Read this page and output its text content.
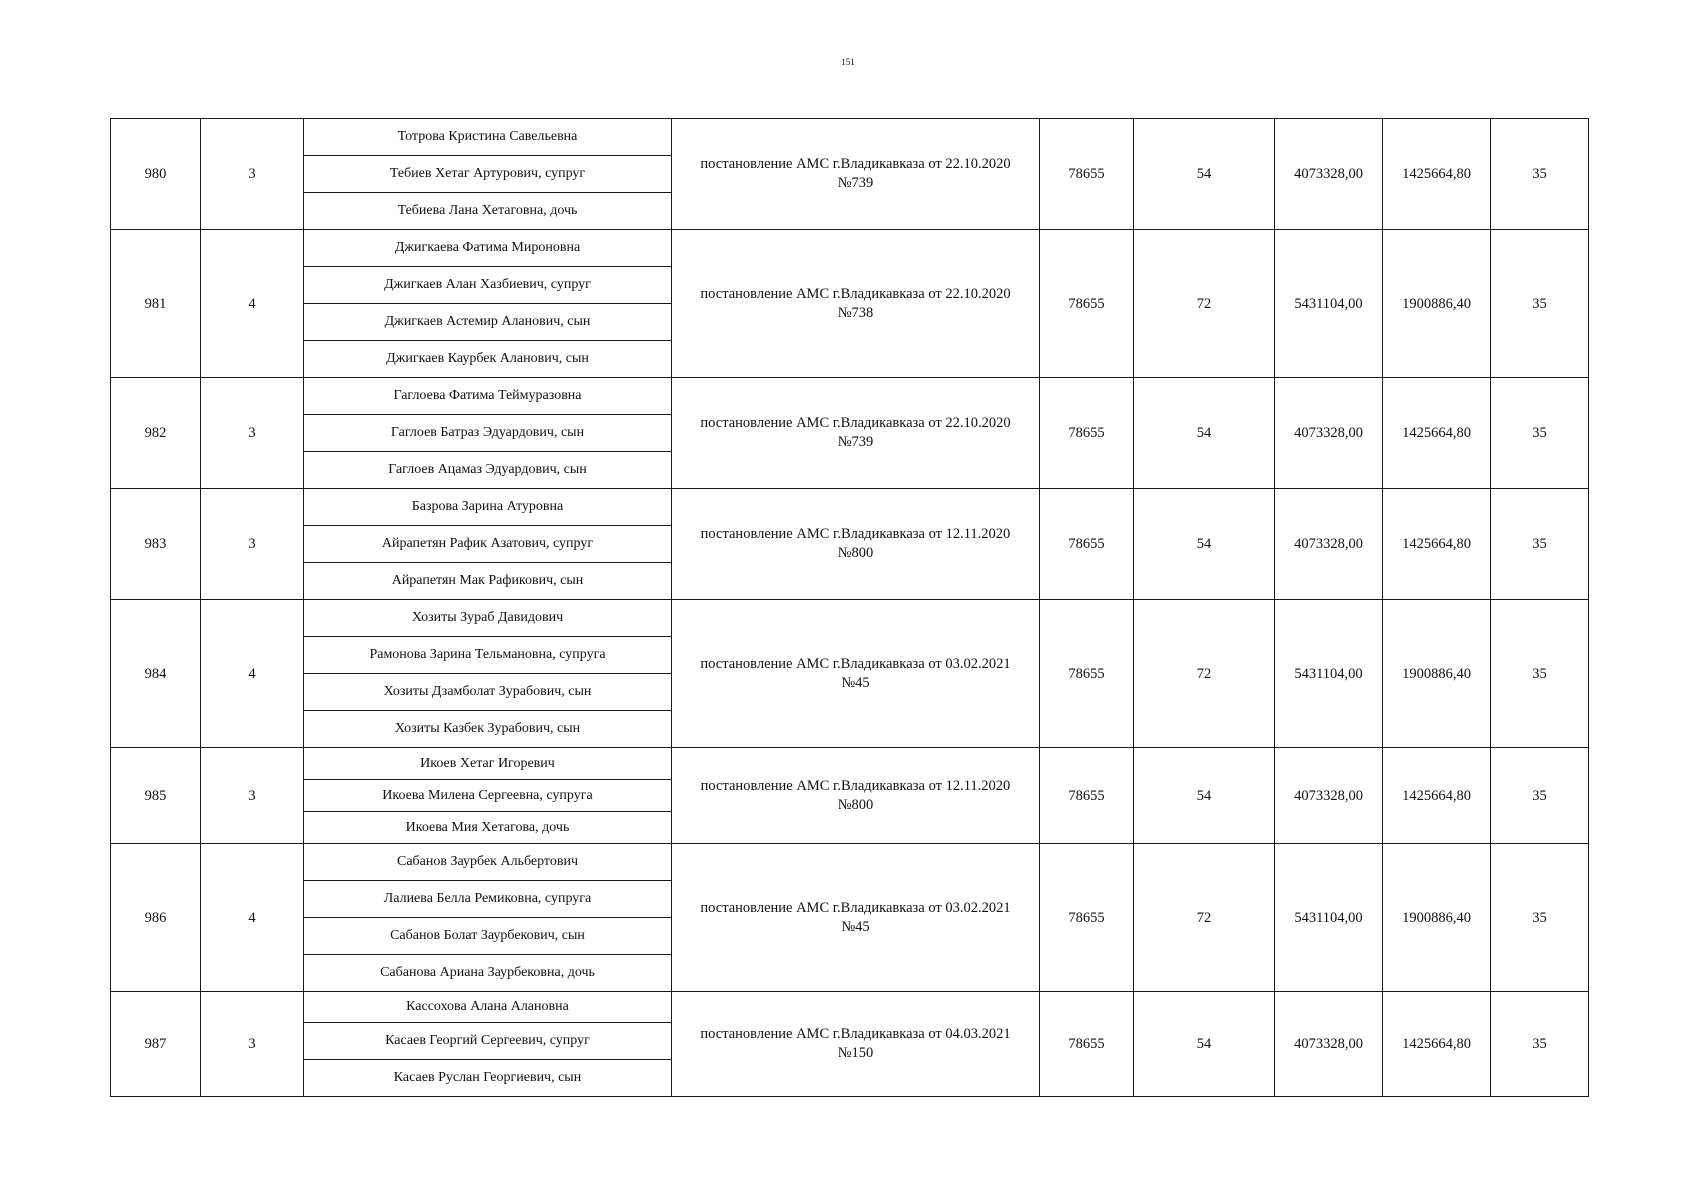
151
980	3	Тотрова Кристина Савельевна	постановление АМС г.Владикавказа от 22.10.2020
№739	78655	54	4073328,00	1425664,80	35
		Тебиев Хетаг Артурович, супруг						
		Тебиева Лана Хетаговна, дочь						
981	4	Джигкаева Фатима Мироновна	постановление АМС г.Владикавказа от 22.10.2020
№738	78655	72	5431104,00	1900886,40	35
		Джигкаев Алан Хазбиевич, супруг						
		Джигкаев Астемир Аланович, сын						
		Джигкаев Каурбек Аланович, сын						
982	3	Гаглоева Фатима Теймуразовна	постановление АМС г.Владикавказа от 22.10.2020
№739	78655	54	4073328,00	1425664,80	35
		Гаглоев Батраз Эдуардович, сын						
		Гаглоев Ацамаз Эдуардович, сын						
983	3	Базрова Зарина Атуровна	постановление АМС г.Владикавказа от 12.11.2020
№800	78655	54	4073328,00	1425664,80	35
		Айрапетян Рафик Азатович, супруг						
		Айрапетян Мак Рафикович, сын						
984	4	Хозиты Зураб Давидович	постановление АМС г.Владикавказа от 03.02.2021
№45	78655	72	5431104,00	1900886,40	35
		Рамонова Зарина Тельмановна, супруга						
		Хозиты Дзамболат Зурабович, сын						
		Хозиты Казбек Зурабович, сын						
985	3	Икоев Хетаг Игоревич	постановление АМС г.Владикавказа от 12.11.2020
№800	78655	54	4073328,00	1425664,80	35
		Икоева Милена Сергеевна, супруга						
		Икоева Мия Хетагова, дочь						
986	4	Сабанов Заурбек Альбертович	постановление АМС г.Владикавказа от 03.02.2021
№45	78655	72	5431104,00	1900886,40	35
		Лалиева Белла Ремиковна, супруга						
		Сабанов Болат Заурбекович, сын						
		Сабанова Ариана Заурбековна, дочь						
987	3	Кассохова Алана Алановна	постановление АМС г.Владикавказа от 04.03.2021
№150	78655	54	4073328,00	1425664,80	35
		Касаев Георгий Сергеевич, супруг						
		Касаев Руслан Георгиевич, сын						
